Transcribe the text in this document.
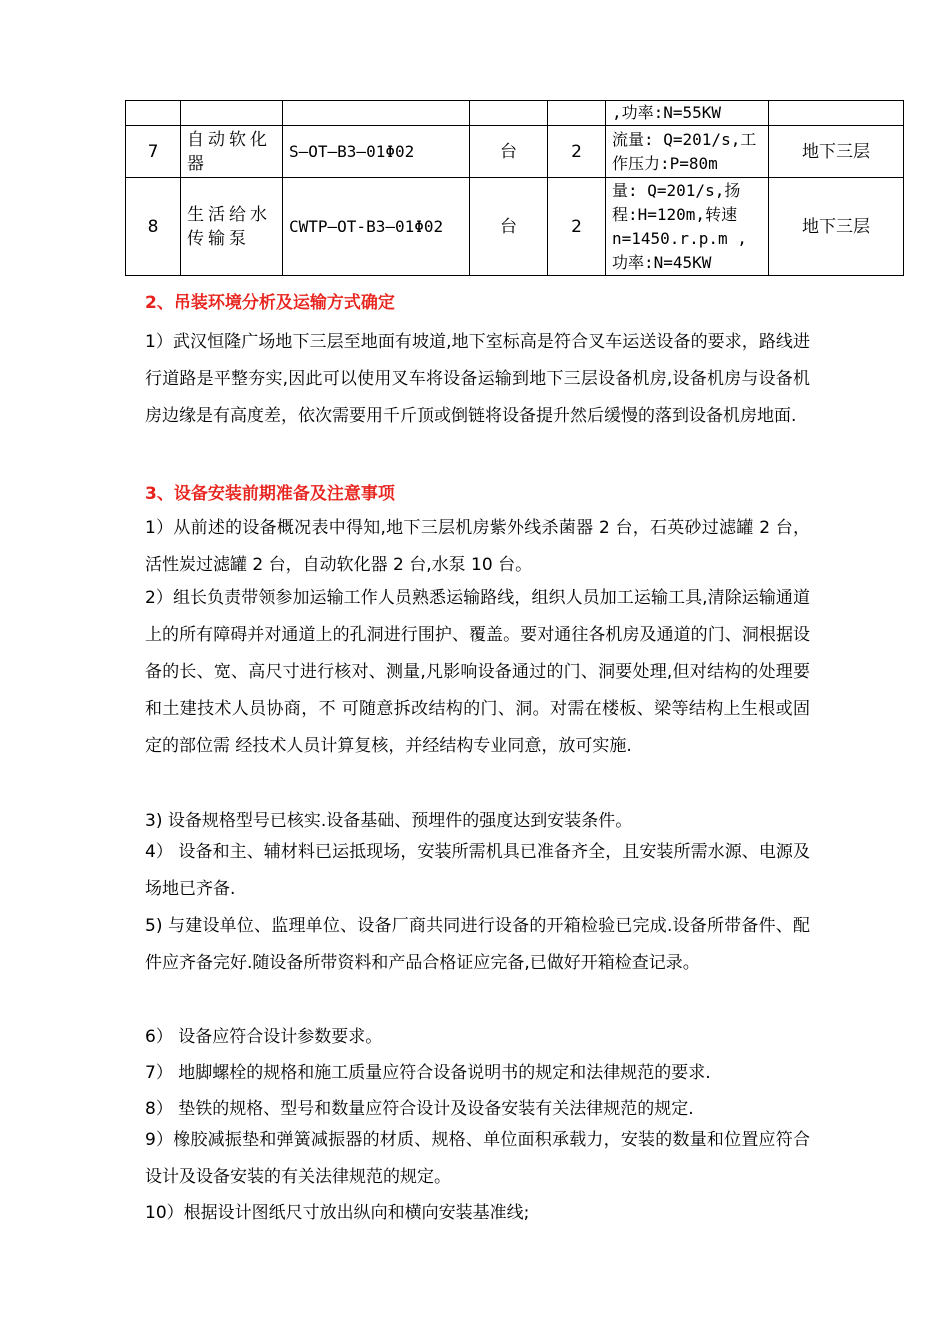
					,功率:N=55KW	
7	自动软化器	S—OT—B3—01Φ02	台	2	流量: Q=201/s,工作压力:P=80m	地下三层
8	生活给水传输泵	CWTP—OT-B3—01Φ02	台	2	量: Q=201/s,扬程:H=120m,转速n=1450.r.p.m ,功率:N=45KW	地下三层
2、吊装环境分析及运输方式确定
1）武汉恒隆广场地下三层至地面有坡道,地下室标高是符合叉车运送设备的要求，路线进行道路是平整夯实,因此可以使用叉车将设备运输到地下三层设备机房,设备机房与设备机房边缘是有高度差，依次需要用千斤顶或倒链将设备提升然后缓慢的落到设备机房地面.
3、设备安装前期准备及注意事项
1）从前述的设备概况表中得知,地下三层机房紫外线杀菌器 2 台，石英砂过滤罐 2 台，活性炭过滤罐 2 台，自动软化器 2 台,水泵 10 台。
2）组长负责带领参加运输工作人员熟悉运输路线，组织人员加工运输工具,清除运输通道上的所有障碍并对通道上的孔洞进行围护、覆盖。要对通往各机房及通道的门、洞根据设备的长、宽、高尺寸进行核对、测量,凡影响设备通过的门、洞要处理,但对结构的处理要和土建技术人员协商，不 可随意拆改结构的门、洞。对需在楼板、梁等结构上生根或固定的部位需 经技术人员计算复核，并经结构专业同意，放可实施.
3) 设备规格型号已核实.设备基础、预埋件的强度达到安装条件。
4） 设备和主、辅材料已运抵现场，安装所需机具已准备齐全，且安装所需水源、电源及场地已齐备.
5) 与建设单位、监理单位、设备厂商共同进行设备的开箱检验已完成.设备所带备件、配件应齐备完好.随设备所带资料和产品合格证应完备,已做好开箱检查记录。
6） 设备应符合设计参数要求。
7） 地脚螺栓的规格和施工质量应符合设备说明书的规定和法律规范的要求.
8） 垫铁的规格、型号和数量应符合设计及设备安装有关法律规范的规定.
9）橡胶减振垫和弹簧减振器的材质、规格、单位面积承载力，安装的数量和位置应符合设计及设备安装的有关法律规范的规定。
10）根据设计图纸尺寸放出纵向和横向安装基准线;
